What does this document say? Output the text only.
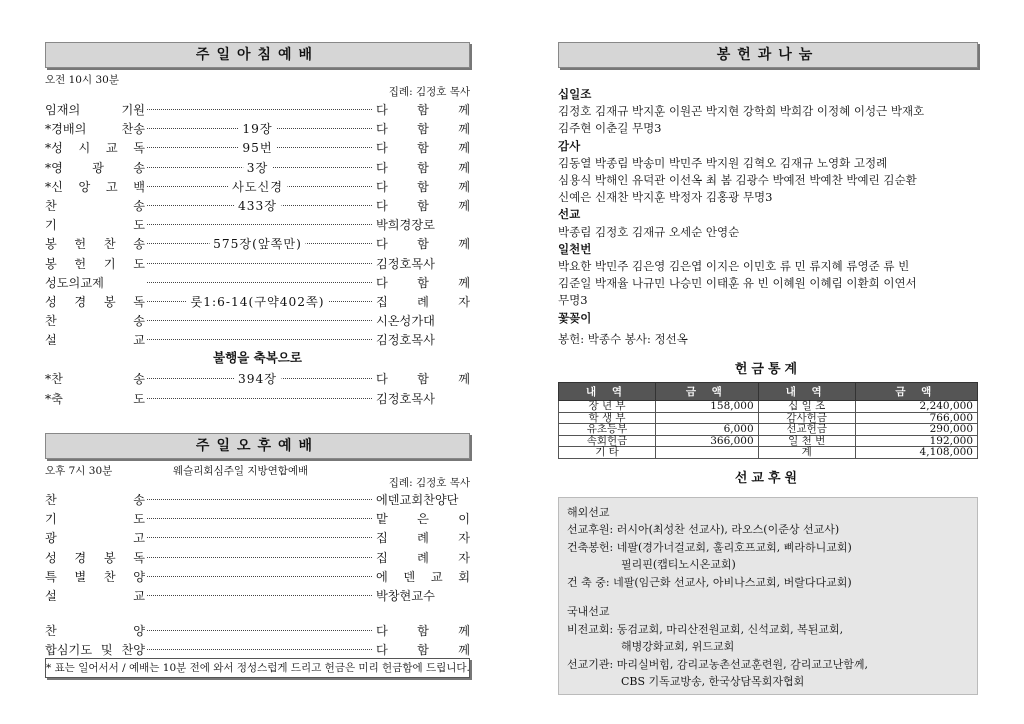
주일아침예배
오전 10시 30분
집례: 김정호 목사
임재의 기원	다 함 께
*경배의 찬송	19장	다 함 께
*성 시 교 독	95번	다 함 께
*영 광 송	3장	다 함 께
*신 앙 고 백	사도신경	다 함 께
찬 송	433장	다 함 께
기 도	박희경장로
봉 헌 찬 송	575장(앞쪽만)	다 함 께
봉 헌 기 도	김정호목사
성도의교제	다 함 께
성 경 봉 독	룻1:6-14(구약402쪽)	집 례 자
찬 송	시온성가대
설 교	김정호목사
불행을 축복으로
*찬 송	394장	다 함 께
*축 도	김정호목사
주일오후예배
오후 7시 30분	웨슬리회심주일 지방연합예배
집례: 김정호 목사
찬 송	에덴교회찬양단
기 도	맡 은 이
광 고	집 례 자
성 경 봉 독	집 례 자
특 별 찬 양	에 덴 교 회
설 교	박창현교수
찬 양	다 함 께
합심기도 및 찬양	다 함 께
* 표는 일어서서 / 예배는 10분 전에 와서 정성스럽게 드리고 헌금은 미리 헌금함에 드립니다.
봉헌과나눔
십일조
김정호 김재규 박지훈 이원곤 박지현 강학희 박희감 이정혜 이성근 박재호
김주현 이춘길 무명3
감사
김동열 박종림 박송미 박민주 박지원 김혁오 김재규 노영화 고정례
심용식 박해인 유덕관 이선옥 최 봄 김광수 박예전 박예찬 박예린 김순환
신예은 신재찬 박지훈 박정자 김홍광 무명3
선교
박종림 김정호 김재규 오세순 안영순
일천번
박요한 박민주 김은영 김은엽 이지은 이민호 류 민 류지혜 류영준 류 빈
김준일 박재율 나규민 나승민 이태훈 유 빈 이혜원 이혜림 이환희 이연서
무명3
꽃꽂이
봉헌: 박종수 봉사: 정선옥
헌금통계
내 역	금 액	내 역	금 액
장 년 부	158,000	십 일 조	2,240,000
학 생 부		감사헌금	766,000
유초등부	6,000	선교헌금	290,000
속회헌금	366,000	일 천 번	192,000
기 타		계	4,108,000
선교후원
해외선교
선교후원: 러시아(최성찬 선교사), 라오스(이준상 선교사)
건축봉헌: 네팔(경가너걸교회, 훌리호프교회, 삐라하니교회)
필리핀(캡티노시온교회)
건 축 중: 네팔(임근화 선교사, 아비나스교회, 버랄다다교회)
국내선교
비전교회: 동검교회, 마리산전원교회, 신석교회, 복된교회,
해병강화교회, 위드교회
선교기관: 마리실버힘, 감리교농촌선교훈련원, 감리교고난함께,
CBS 기독교방송, 한국상담목회자협회
